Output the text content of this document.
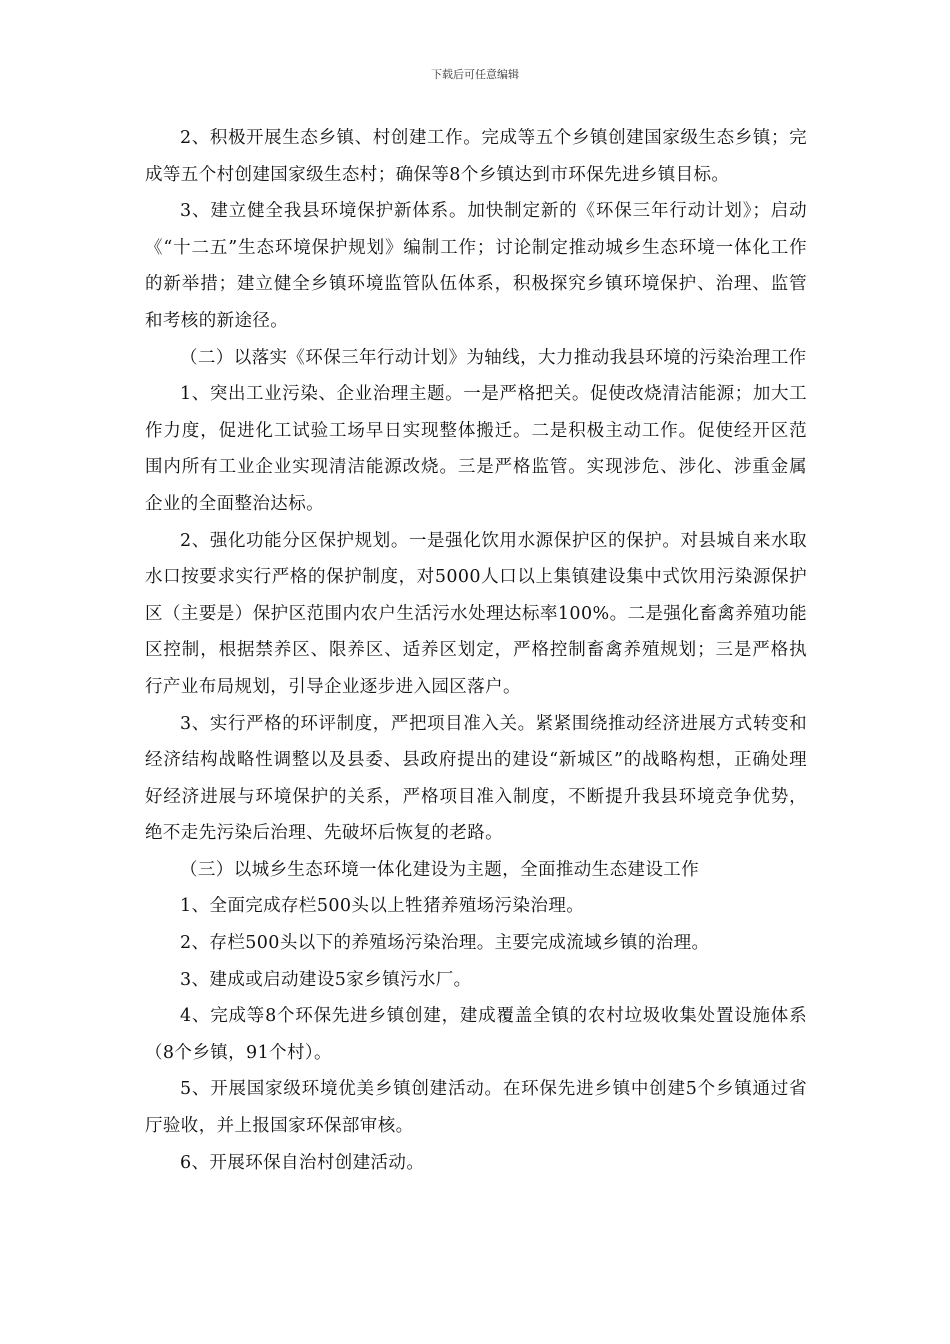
下载后可任意编辑

2、积极开展生态乡镇、村创建工作。完成等五个乡镇创建国家级生态乡镇；完成等五个村创建国家级生态村；确保等8个乡镇达到市环保先进乡镇目标。

3、建立健全我县环境保护新体系。加快制定新的《环保三年行动计划》；启动《“十二五”生态环境保护规划》编制工作；讨论制定推动城乡生态环境一体化工作的新举措；建立健全乡镇环境监管队伍体系，积极探究乡镇环境保护、治理、监管和考核的新途径。

（二）以落实《环保三年行动计划》为轴线，大力推动我县环境的污染治理工作

1、突出工业污染、企业治理主题。一是严格把关。促使改烧清洁能源；加大工作力度，促进化工试验工场早日实现整体搬迁。二是积极主动工作。促使经开区范围内所有工业企业实现清洁能源改烧。三是严格监管。实现涉危、涉化、涉重金属企业的全面整治达标。

2、强化功能分区保护规划。一是强化饮用水源保护区的保护。对县城自来水取水口按要求实行严格的保护制度，对5000人口以上集镇建设集中式饮用污染源保护区（主要是）保护区范围内农户生活污水处理达标率100%。二是强化畜禽养殖功能区控制，根据禁养区、限养区、适养区划定，严格控制畜禽养殖规划；三是严格执行产业布局规划，引导企业逐步进入园区落户。

3、实行严格的环评制度，严把项目准入关。紧紧围绕推动经济进展方式转变和经济结构战略性调整以及县委、县政府提出的建设“新城区”的战略构想，正确处理好经济进展与环境保护的关系，严格项目准入制度，不断提升我县环境竞争优势，绝不走先污染后治理、先破坏后恢复的老路。

（三）以城乡生态环境一体化建设为主题，全面推动生态建设工作

1、全面完成存栏500头以上牲猪养殖场污染治理。

2、存栏500头以下的养殖场污染治理。主要完成流域乡镇的治理。

3、建成或启动建设5家乡镇污水厂。

4、完成等8个环保先进乡镇创建，建成覆盖全镇的农村垃圾收集处置设施体系（8个乡镇，91个村）。

5、开展国家级环境优美乡镇创建活动。在环保先进乡镇中创建5个乡镇通过省厅验收，并上报国家环保部审核。

6、开展环保自治村创建活动。
